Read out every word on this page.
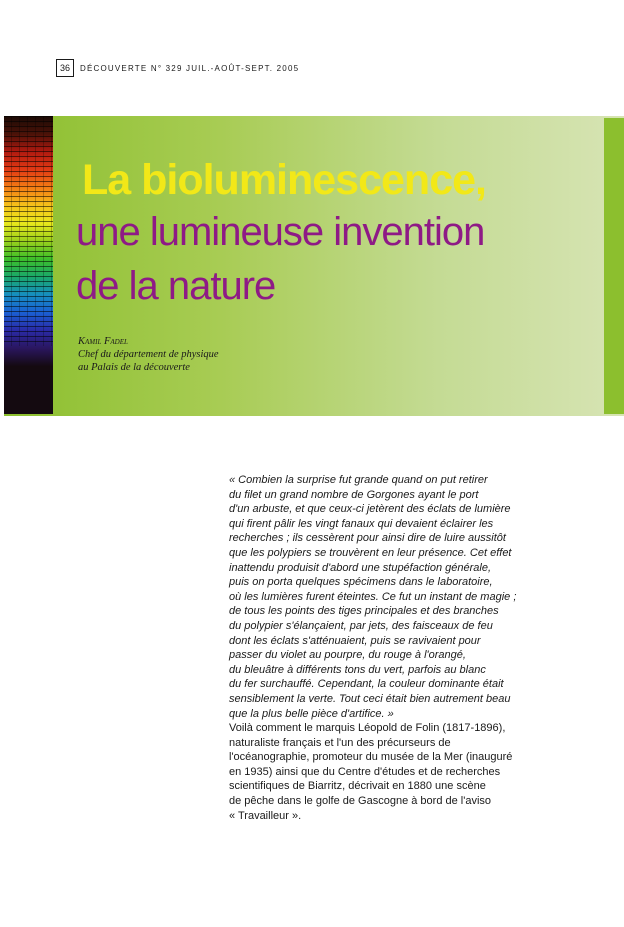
36	DÉCOUVERTE N° 329 JUIL.-AOÛT-SEPT. 2005
La bioluminescence,
une lumineuse invention
de la nature
Kamil Fadel
Chef du département de physique
au Palais de la découverte
« Combien la surprise fut grande quand on put retirer
du filet un grand nombre de Gorgones ayant le port
d'un arbuste, et que ceux-ci jetèrent des éclats de lumière
qui firent pâlir les vingt fanaux qui devaient éclairer les
recherches ; ils cessèrent pour ainsi dire de luire aussitôt
que les polypiers se trouvèrent en leur présence. Cet effet
inattendu produisit d'abord une stupéfaction générale,
puis on porta quelques spécimens dans le laboratoire,
où les lumières furent éteintes. Ce fut un instant de magie ;
de tous les points des tiges principales et des branches
du polypier s'élançaient, par jets, des faisceaux de feu
dont les éclats s'atténuaient, puis se ravivaient pour
passer du violet au pourpre, du rouge à l'orangé,
du bleuâtre à différents tons du vert, parfois au blanc
du fer surchauffé. Cependant, la couleur dominante était
sensiblement la verte. Tout ceci était bien autrement beau
que la plus belle pièce d'artifice. »
Voilà comment le marquis Léopold de Folin (1817-1896),
naturaliste français et l'un des précurseurs de
l'océanographie, promoteur du musée de la Mer (inauguré
en 1935) ainsi que du Centre d'études et de recherches
scientifiques de Biarritz, décrivait en 1880 une scène
de pêche dans le golfe de Gascogne à bord de l'aviso
« Travailleur ».
